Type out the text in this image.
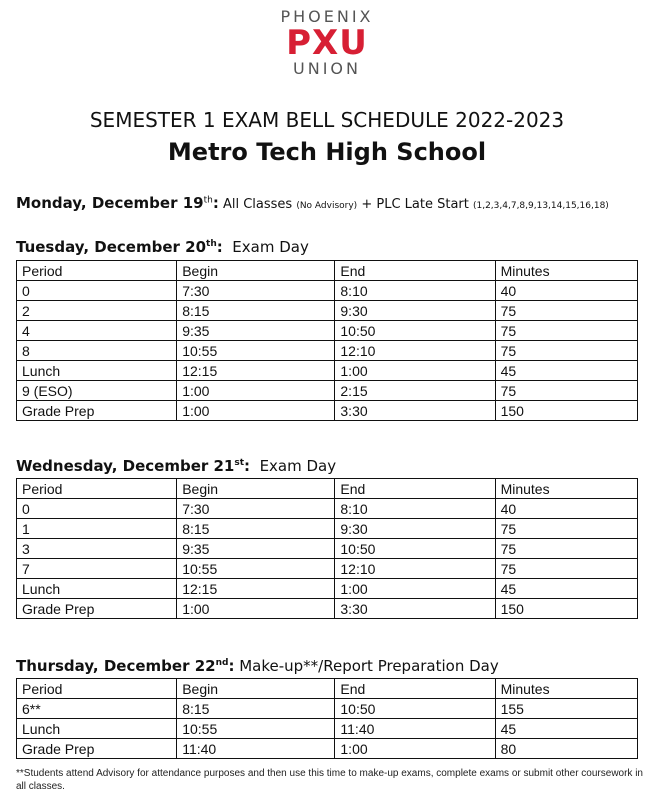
PHOENIX
PXU
UNION
SEMESTER 1 EXAM BELL SCHEDULE 2022-2023
Metro Tech High School
Monday, December 19th: All Classes (No Advisory) + PLC Late Start (1,2,3,4,7,8,9,13,14,15,16,18)
Tuesday, December 20th:  Exam Day
Period	Begin	End	Minutes
0	7:30	8:10	40
2	8:15	9:30	75
4	9:35	10:50	75
8	10:55	12:10	75
Lunch	12:15	1:00	45
9 (ESO)	1:00	2:15	75
Grade Prep	1:00	3:30	150
Wednesday, December 21st:  Exam Day
Period	Begin	End	Minutes
0	7:30	8:10	40
1	8:15	9:30	75
3	9:35	10:50	75
7	10:55	12:10	75
Lunch	12:15	1:00	45
Grade Prep	1:00	3:30	150
Thursday, December 22nd: Make-up**/Report Preparation Day
Period	Begin	End	Minutes
6**	8:15	10:50	155
Lunch	10:55	11:40	45
Grade Prep	11:40	1:00	80
**Students attend Advisory for attendance purposes and then use this time to make-up exams, complete exams or submit other coursework in all classes.
